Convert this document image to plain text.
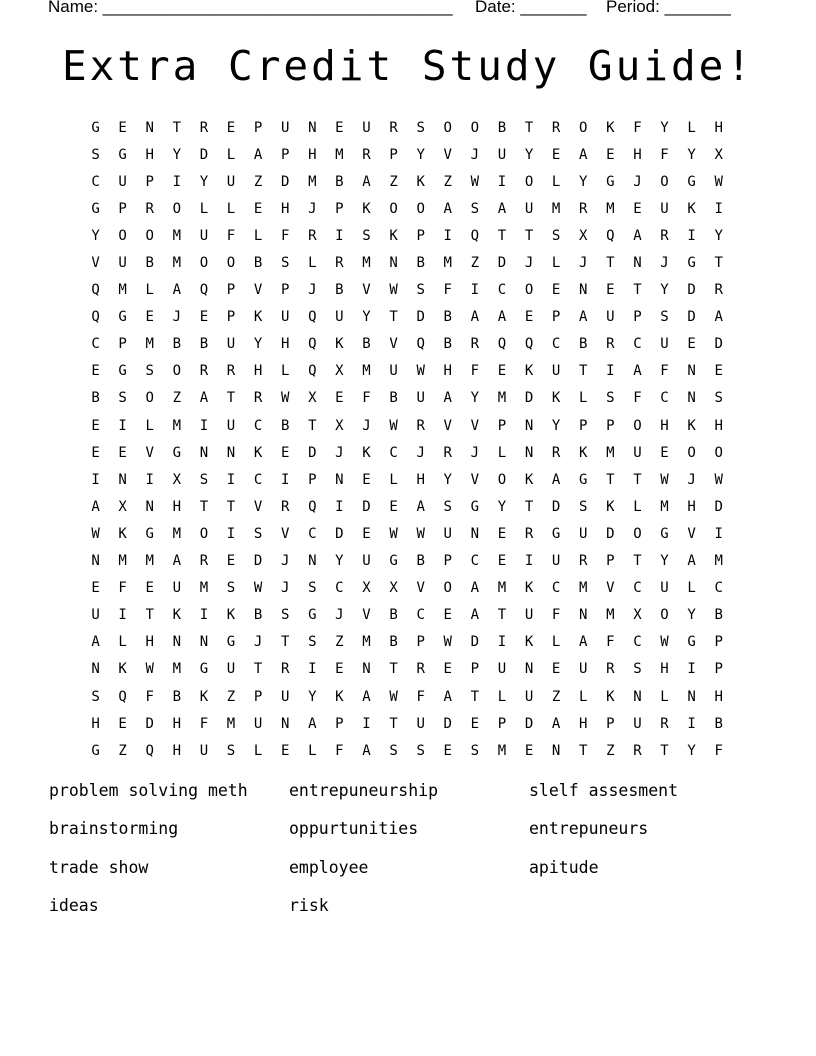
Name: _____________________________________

Date: _______

Period: _______

Extra Credit Study Guide!
G	E	N	T	R	E	P	U	N	E	U	R	S	O	O	B	T	R	O	K	F	Y	L	H
S	G	H	Y	D	L	A	P	H	M	R	P	Y	V	J	U	Y	E	A	E	H	F	Y	X
C	U	P	I	Y	U	Z	D	M	B	A	Z	K	Z	W	I	O	L	Y	G	J	O	G	W
G	P	R	O	L	L	E	H	J	P	K	O	O	A	S	A	U	M	R	M	E	U	K	I
Y	O	O	M	U	F	L	F	R	I	S	K	P	I	Q	T	T	S	X	Q	A	R	I	Y
V	U	B	M	O	O	B	S	L	R	M	N	B	M	Z	D	J	L	J	T	N	J	G	T
Q	M	L	A	Q	P	V	P	J	B	V	W	S	F	I	C	O	E	N	E	T	Y	D	R
Q	G	E	J	E	P	K	U	Q	U	Y	T	D	B	A	A	E	P	A	U	P	S	D	A
C	P	M	B	B	U	Y	H	Q	K	B	V	Q	B	R	Q	Q	C	B	R	C	U	E	D
E	G	S	O	R	R	H	L	Q	X	M	U	W	H	F	E	K	U	T	I	A	F	N	E
B	S	O	Z	A	T	R	W	X	E	F	B	U	A	Y	M	D	K	L	S	F	C	N	S
E	I	L	M	I	U	C	B	T	X	J	W	R	V	V	P	N	Y	P	P	O	H	K	H
E	E	V	G	N	N	K	E	D	J	K	C	J	R	J	L	N	R	K	M	U	E	O	O
I	N	I	X	S	I	C	I	P	N	E	L	H	Y	V	O	K	A	G	T	T	W	J	W
A	X	N	H	T	T	V	R	Q	I	D	E	A	S	G	Y	T	D	S	K	L	M	H	D
W	K	G	M	O	I	S	V	C	D	E	W	W	U	N	E	R	G	U	D	O	G	V	I
N	M	M	A	R	E	D	J	N	Y	U	G	B	P	C	E	I	U	R	P	T	Y	A	M
E	F	E	U	M	S	W	J	S	C	X	X	V	O	A	M	K	C	M	V	C	U	L	C
U	I	T	K	I	K	B	S	G	J	V	B	C	E	A	T	U	F	N	M	X	O	Y	B
A	L	H	N	N	G	J	T	S	Z	M	B	P	W	D	I	K	L	A	F	C	W	G	P
N	K	W	M	G	U	T	R	I	E	N	T	R	E	P	U	N	E	U	R	S	H	I	P
S	Q	F	B	K	Z	P	U	Y	K	A	W	F	A	T	L	U	Z	L	K	N	L	N	H
H	E	D	H	F	M	U	N	A	P	I	T	U	D	E	P	D	A	H	P	U	R	I	B
G	Z	Q	H	U	S	L	E	L	F	A	S	S	E	S	M	E	N	T	Z	R	T	Y	F
problem solving meth	entrepuneurship	slelf assesment
brainstorming	oppurtunities	entrepuneurs
trade show	employee	apitude
ideas	risk
